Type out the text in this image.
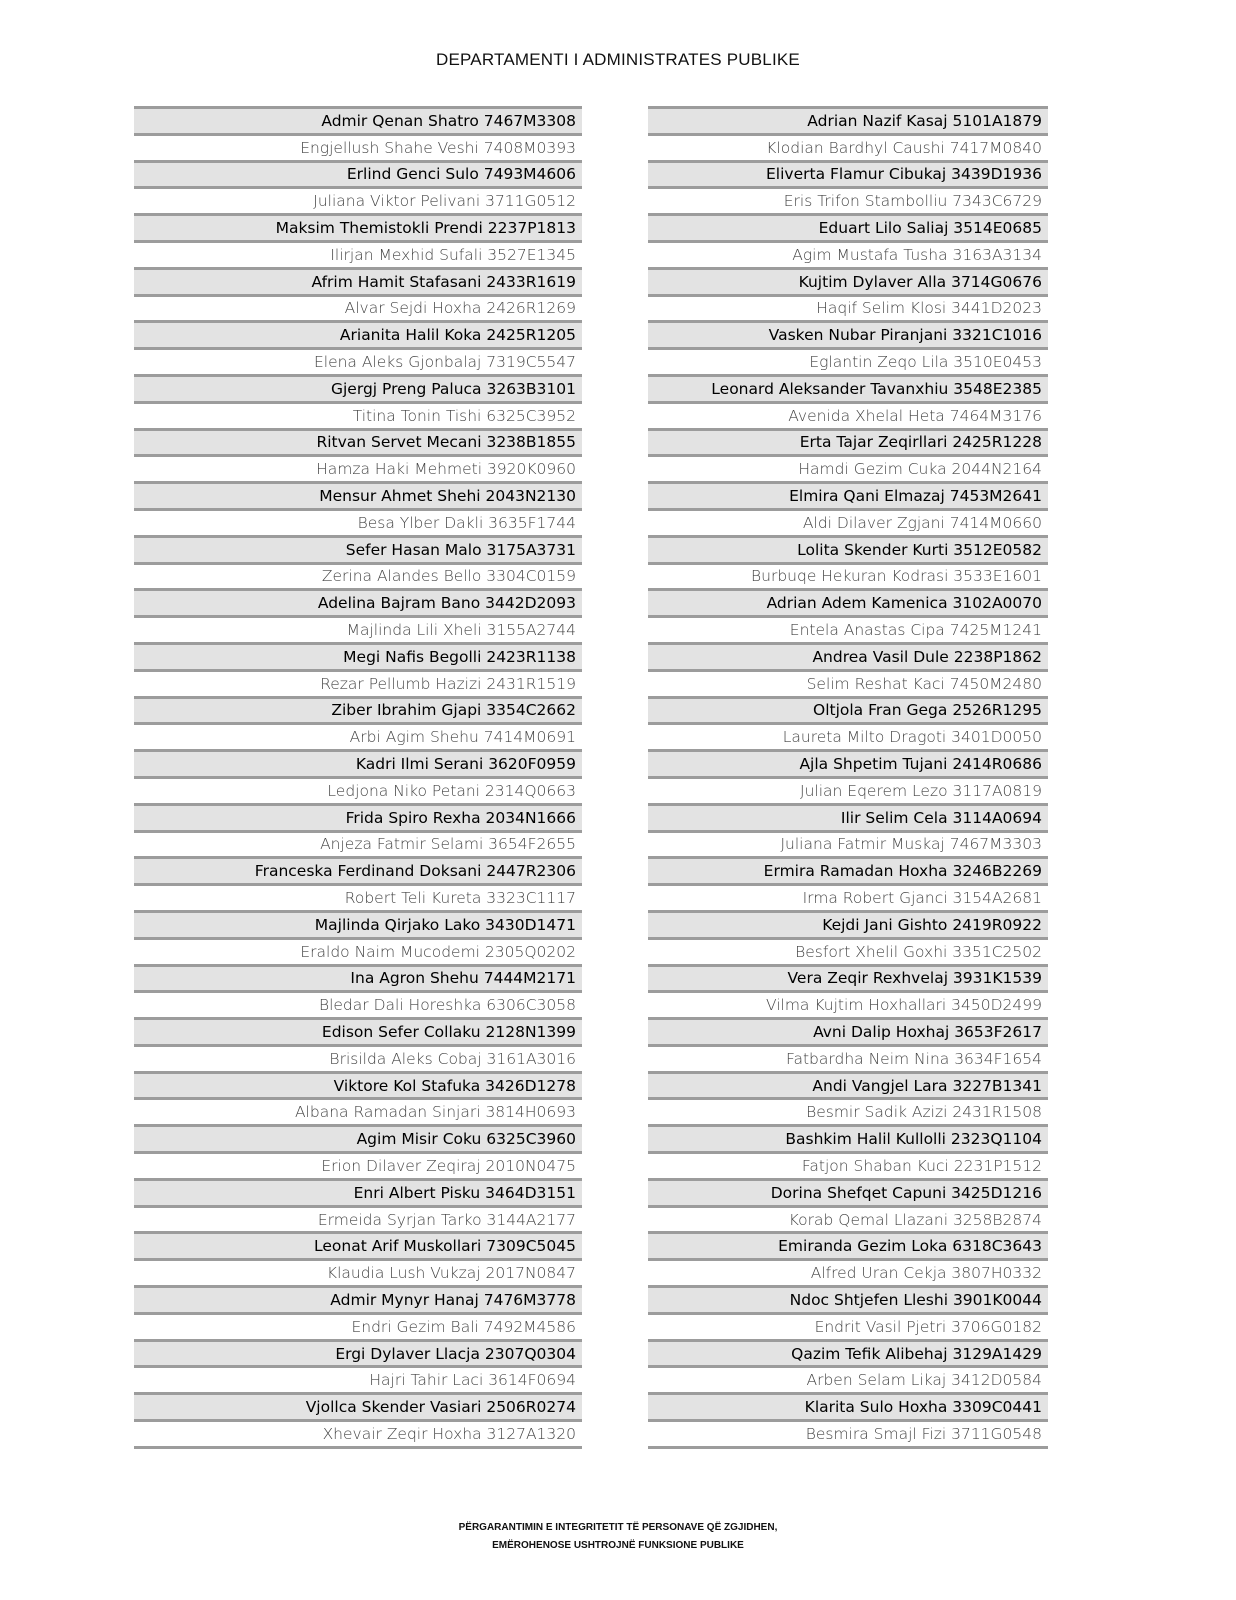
DEPARTAMENTI I ADMINISTRATES PUBLIKE
Admir Qenan Shatro 7467M3308
Engjellush Shahe Veshi 7408M0393
Erlind Genci Sulo 7493M4606
Juliana Viktor Pelivani 3711G0512
Maksim Themistokli Prendi 2237P1813
Ilirjan Mexhid Sufali 3527E1345
Afrim Hamit Stafasani 2433R1619
Alvar Sejdi Hoxha 2426R1269
Arianita Halil Koka 2425R1205
Elena Aleks Gjonbalaj 7319C5547
Gjergj Preng Paluca 3263B3101
Titina Tonin Tishi 6325C3952
Ritvan Servet Mecani 3238B1855
Hamza Haki Mehmeti 3920K0960
Mensur Ahmet Shehi 2043N2130
Besa Ylber Dakli 3635F1744
Sefer Hasan Malo 3175A3731
Zerina Alandes Bello 3304C0159
Adelina Bajram Bano 3442D2093
Majlinda Lili Xheli 3155A2744
Megi Nafis Begolli 2423R1138
Rezar Pellumb Hazizi 2431R1519
Ziber Ibrahim Gjapi 3354C2662
Arbi Agim Shehu 7414M0691
Kadri Ilmi Serani 3620F0959
Ledjona Niko Petani 2314Q0663
Frida Spiro Rexha 2034N1666
Anjeza Fatmir Selami 3654F2655
Franceska Ferdinand Doksani 2447R2306
Robert Teli Kureta 3323C1117
Majlinda Qirjako Lako 3430D1471
Eraldo Naim Mucodemi 2305Q0202
Ina Agron Shehu 7444M2171
Bledar Dali Horeshka 6306C3058
Edison Sefer Collaku 2128N1399
Brisilda Aleks Cobaj 3161A3016
Viktore Kol Stafuka 3426D1278
Albana Ramadan Sinjari 3814H0693
Agim Misir Coku 6325C3960
Erion Dilaver Zeqiraj 2010N0475
Enri Albert Pisku 3464D3151
Ermeida Syrjan Tarko 3144A2177
Leonat Arif Muskollari 7309C5045
Klaudia Lush Vukzaj 2017N0847
Admir Mynyr Hanaj 7476M3778
Endri Gezim Bali 7492M4586
Ergi Dylaver Llacja 2307Q0304
Hajri Tahir Laci 3614F0694
Vjollca Skender Vasiari 2506R0274
Xhevair Zeqir Hoxha 3127A1320
Adrian Nazif Kasaj 5101A1879
Klodian Bardhyl Caushi 7417M0840
Eliverta Flamur Cibukaj 3439D1936
Eris Trifon Stambolliu 7343C6729
Eduart Lilo Saliaj 3514E0685
Agim Mustafa Tusha 3163A3134
Kujtim Dylaver Alla 3714G0676
Haqif Selim Klosi 3441D2023
Vasken Nubar Piranjani 3321C1016
Eglantin Zeqo Lila 3510E0453
Leonard Aleksander Tavanxhiu 3548E2385
Avenida Xhelal Heta 7464M3176
Erta Tajar Zeqirllari 2425R1228
Hamdi Gezim Cuka 2044N2164
Elmira Qani Elmazaj 7453M2641
Aldi Dilaver Zgjani 7414M0660
Lolita Skender Kurti 3512E0582
Burbuqe Hekuran Kodrasi 3533E1601
Adrian Adem Kamenica 3102A0070
Entela Anastas Cipa 7425M1241
Andrea Vasil Dule 2238P1862
Selim Reshat Kaci 7450M2480
Oltjola Fran Gega 2526R1295
Laureta Milto Dragoti 3401D0050
Ajla Shpetim Tujani 2414R0686
Julian Eqerem Lezo 3117A0819
Ilir Selim Cela 3114A0694
Juliana Fatmir Muskaj 7467M3303
Ermira Ramadan Hoxha 3246B2269
Irma Robert Gjanci 3154A2681
Kejdi Jani Gishto 2419R0922
Besfort Xhelil Goxhi 3351C2502
Vera Zeqir Rexhvelaj 3931K1539
Vilma Kujtim Hoxhallari 3450D2499
Avni Dalip Hoxhaj 3653F2617
Fatbardha Neim Nina 3634F1654
Andi Vangjel Lara 3227B1341
Besmir Sadik Azizi 2431R1508
Bashkim Halil Kullolli 2323Q1104
Fatjon Shaban Kuci 2231P1512
Dorina Shefqet Capuni 3425D1216
Korab Qemal Llazani 3258B2874
Emiranda Gezim Loka 6318C3643
Alfred Uran Cekja 3807H0332
Ndoc Shtjefen Lleshi 3901K0044
Endrit Vasil Pjetri 3706G0182
Qazim Tefik Alibehaj 3129A1429
Arben Selam Likaj 3412D0584
Klarita Sulo Hoxha 3309C0441
Besmira Smajl Fizi 3711G0548
PËRGARANTIMIN E INTEGRITETIT TË PERSONAVE QË ZGJIDHEN,
EMËROHENOSE USHTROJNË FUNKSIONE PUBLIKE
